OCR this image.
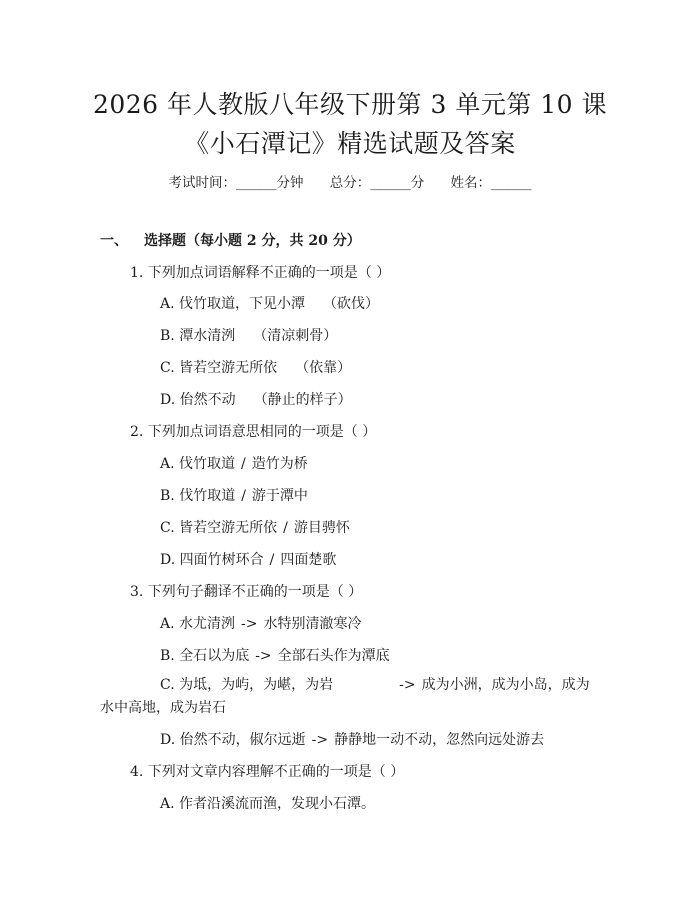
2026 年人教版八年级下册第 3 单元第 10 课
《小石潭记》精选试题及答案
考试时间：______分钟 总分：______分 姓名：______
一、 选择题（每小题 2 分，共 20 分）
1. 下列加点词语解释不正确的一项是（ ）
A. 伐竹取道，下见小潭 （砍伐）
B. 潭水清洌 （清凉刺骨）
C. 皆若空游无所依 （依靠）
D. 佁然不动 （静止的样子）
2. 下列加点词语意思相同的一项是（ ）
A. 伐竹取道 / 造竹为桥
B. 伐竹取道 / 游于潭中
C. 皆若空游无所依 / 游目骋怀
D. 四面竹树环合 / 四面楚歌
3. 下列句子翻译不正确的一项是（ ）
A. 水尤清洌 -> 水特别清澈寒冷
B. 全石以为底 -> 全部石头作为潭底
C. 为坻，为屿，为嵁，为岩	-> 成为小洲，成为小岛，成为水中高地，成为岩石
D. 佁然不动，俶尔远逝 -> 静静地一动不动，忽然向远处游去
4. 下列对文章内容理解不正确的一项是（ ）
A. 作者沿溪流而渔，发现小石潭。
